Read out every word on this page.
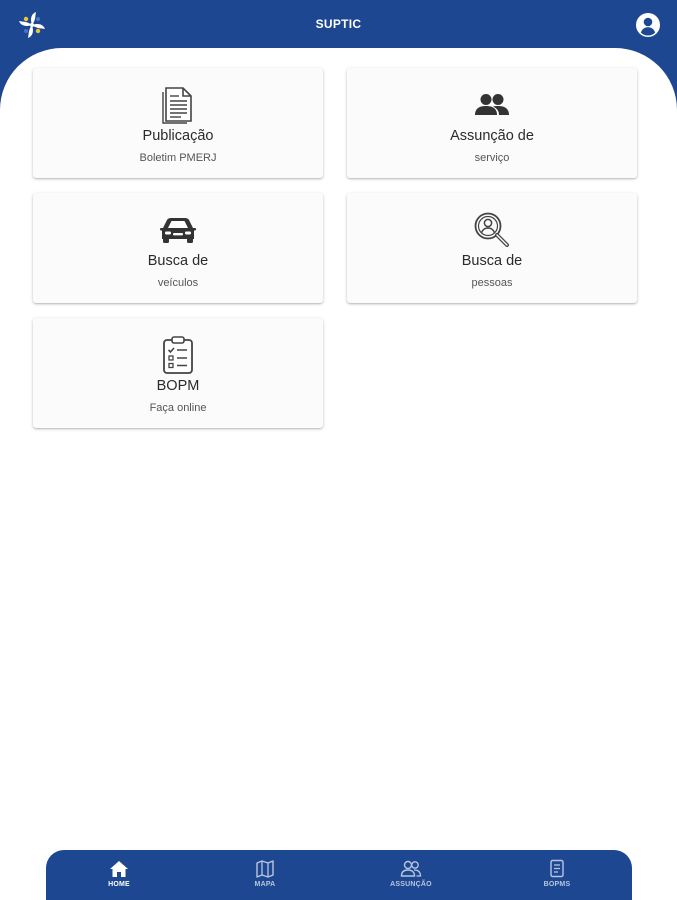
SUPTIC
Publicação
Boletim PMERJ
Assunção de
serviço
Busca de
veículos
Busca de
pessoas
BOPM
Faça online
HOME	MAPA	ASSUNÇÃO	BOPMS
